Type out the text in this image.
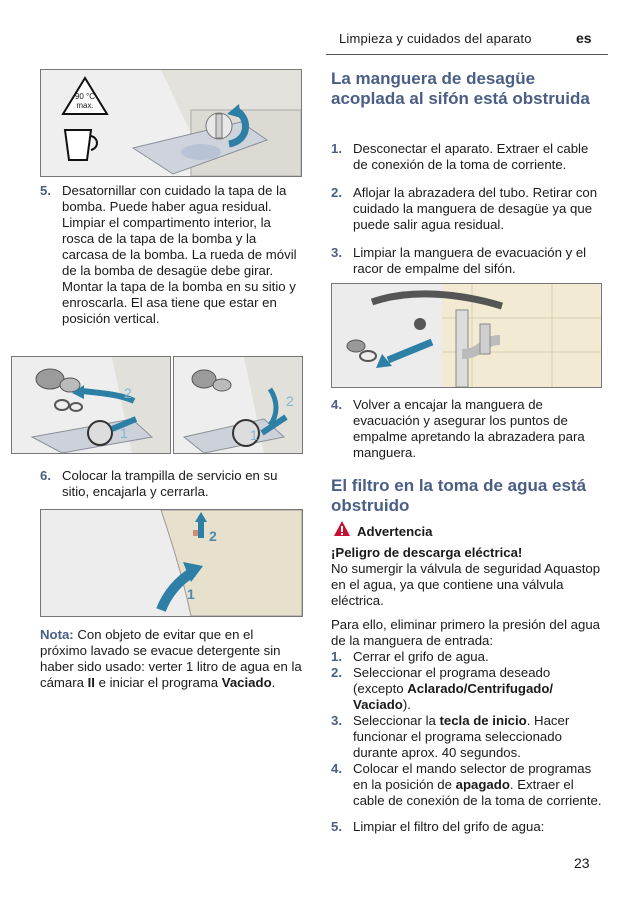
Limpieza y cuidados del aparato	es
90 °C
max.
5. Desatornillar con cuidado la tapa de la bomba. Puede haber agua residual.
Limpiar el compartimento interior, la rosca de la tapa de la bomba y la carcasa de la bomba. La rueda de móvil de la bomba de desagüe debe girar.
Montar la tapa de la bomba en su sitio y enroscarla. El asa tiene que estar en posición vertical.
2
1
2
1
6. Colocar la trampilla de servicio en su sitio, encajarla y cerrarla.
2
1
Nota: Con objeto de evitar que en el próximo lavado se evacue detergente sin haber sido usado: verter 1 litro de agua en la cámara II e iniciar el programa Vaciado.
La manguera de desagüe acoplada al sifón está obstruida
1. Desconectar el aparato. Extraer el cable de conexión de la toma de corriente.
2. Aflojar la abrazadera del tubo. Retirar con cuidado la manguera de desagüe ya que puede salir agua residual.
3. Limpiar la manguera de evacuación y el racor de empalme del sifón.
4. Volver a encajar la manguera de evacuación y asegurar los puntos de empalme apretando la abrazadera para manguera.
El filtro en la toma de agua está obstruido
Advertencia
¡Peligro de descarga eléctrica!
No sumergir la válvula de seguridad Aquastop en el agua, ya que contiene una válvula eléctrica.
Para ello, eliminar primero la presión del agua de la manguera de entrada:
1. Cerrar el grifo de agua.
2. Seleccionar el programa deseado (excepto Aclarado/Centrifugado/ Vaciado).
3. Seleccionar la tecla de inicio. Hacer funcionar el programa seleccionado durante aprox. 40 segundos.
4. Colocar el mando selector de programas en la posición de apagado. Extraer el cable de conexión de la toma de corriente.
5. Limpiar el filtro del grifo de agua:
23
